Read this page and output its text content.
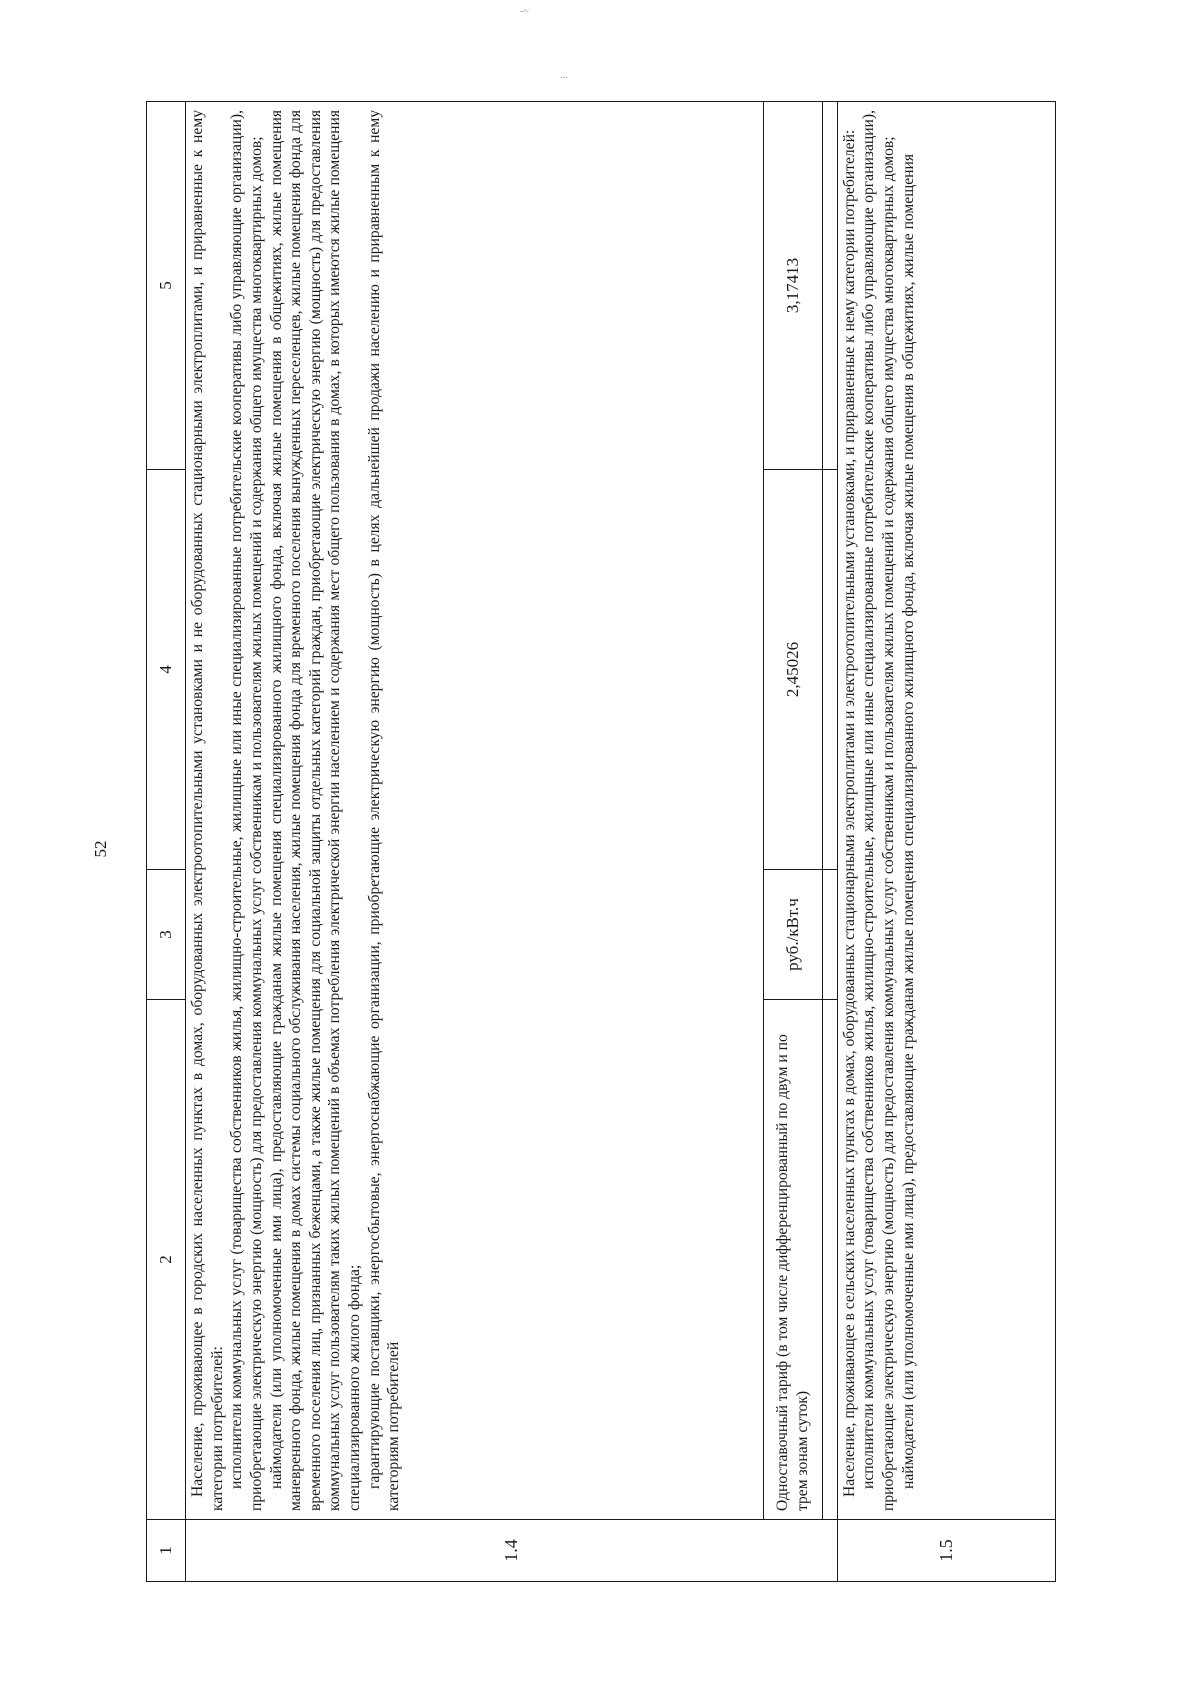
52
-~
...
1	2	3	4	5
1.4	Население, проживающее в городских населенных пунктах в домах, оборудованных электроотопительными установками и не оборудованных стационарными электроплитами, и приравненные к нему категории потребителей: исполнители коммунальных услуг (товарищества собственников жилья, жилищно-строительные, жилищные или иные специализированные потребительские кооперативы либо управляющие организации), приобретающие электрическую энергию (мощность) для предоставления коммунальных услуг собственникам и пользователям жилых помещений и содержания общего имущества многоквартирных домов; наймодатели (или уполномоченные ими лица), предоставляющие гражданам жилые помещения специализированного жилищного фонда, включая жилые помещения в общежитиях, жилые помещения маневренного фонда, жилые помещения в домах системы социального обслуживания населения, жилые помещения фонда для временного поселения вынужденных переселенцев, жилые помещения фонда для временного поселения лиц, признанных беженцами, а также жилые помещения для социальной защиты отдельных категорий граждан, приобретающие электрическую энергию (мощность) для предоставления коммунальных услуг пользователям таких жилых помещений в объемах потребления электрической энергии населением и содержания мест общего пользования в домах, в которых имеются жилые помещения специализированного жилого фонда; гарантирующие поставщики, энергосбытовые, энергоснабжающие организации, приобретающие электрическую энергию (мощность) в целях дальнейшей продажи населению и приравненным к нему категориям потребителей			

	Одноставочный тариф (в том числе дифференцированный по двум и по трем зонам суток)	руб./кВт.ч	2,45026	3,17413

1.5	Население, проживающее в сельских населенных пунктах в домах, оборудованных стационарными электроплитами и электроотопительными установками, и приравненные к нему категории потребителей: исполнители коммунальных услуг (товарищества собственников жилья, жилищно-строительные, жилищные или иные специализированные потребительские кооперативы либо управляющие организации), приобретающие электрическую энергию (мощность) для предоставления коммунальных услуг собственникам и пользователям жилых помещений и содержания общего имущества многоквартирных домов; наймодатели (или уполномоченные ими лица), предоставляющие гражданам жилые помещения специализированного жилищного фонда, включая жилые помещения в общежитиях, жилые помещения			
